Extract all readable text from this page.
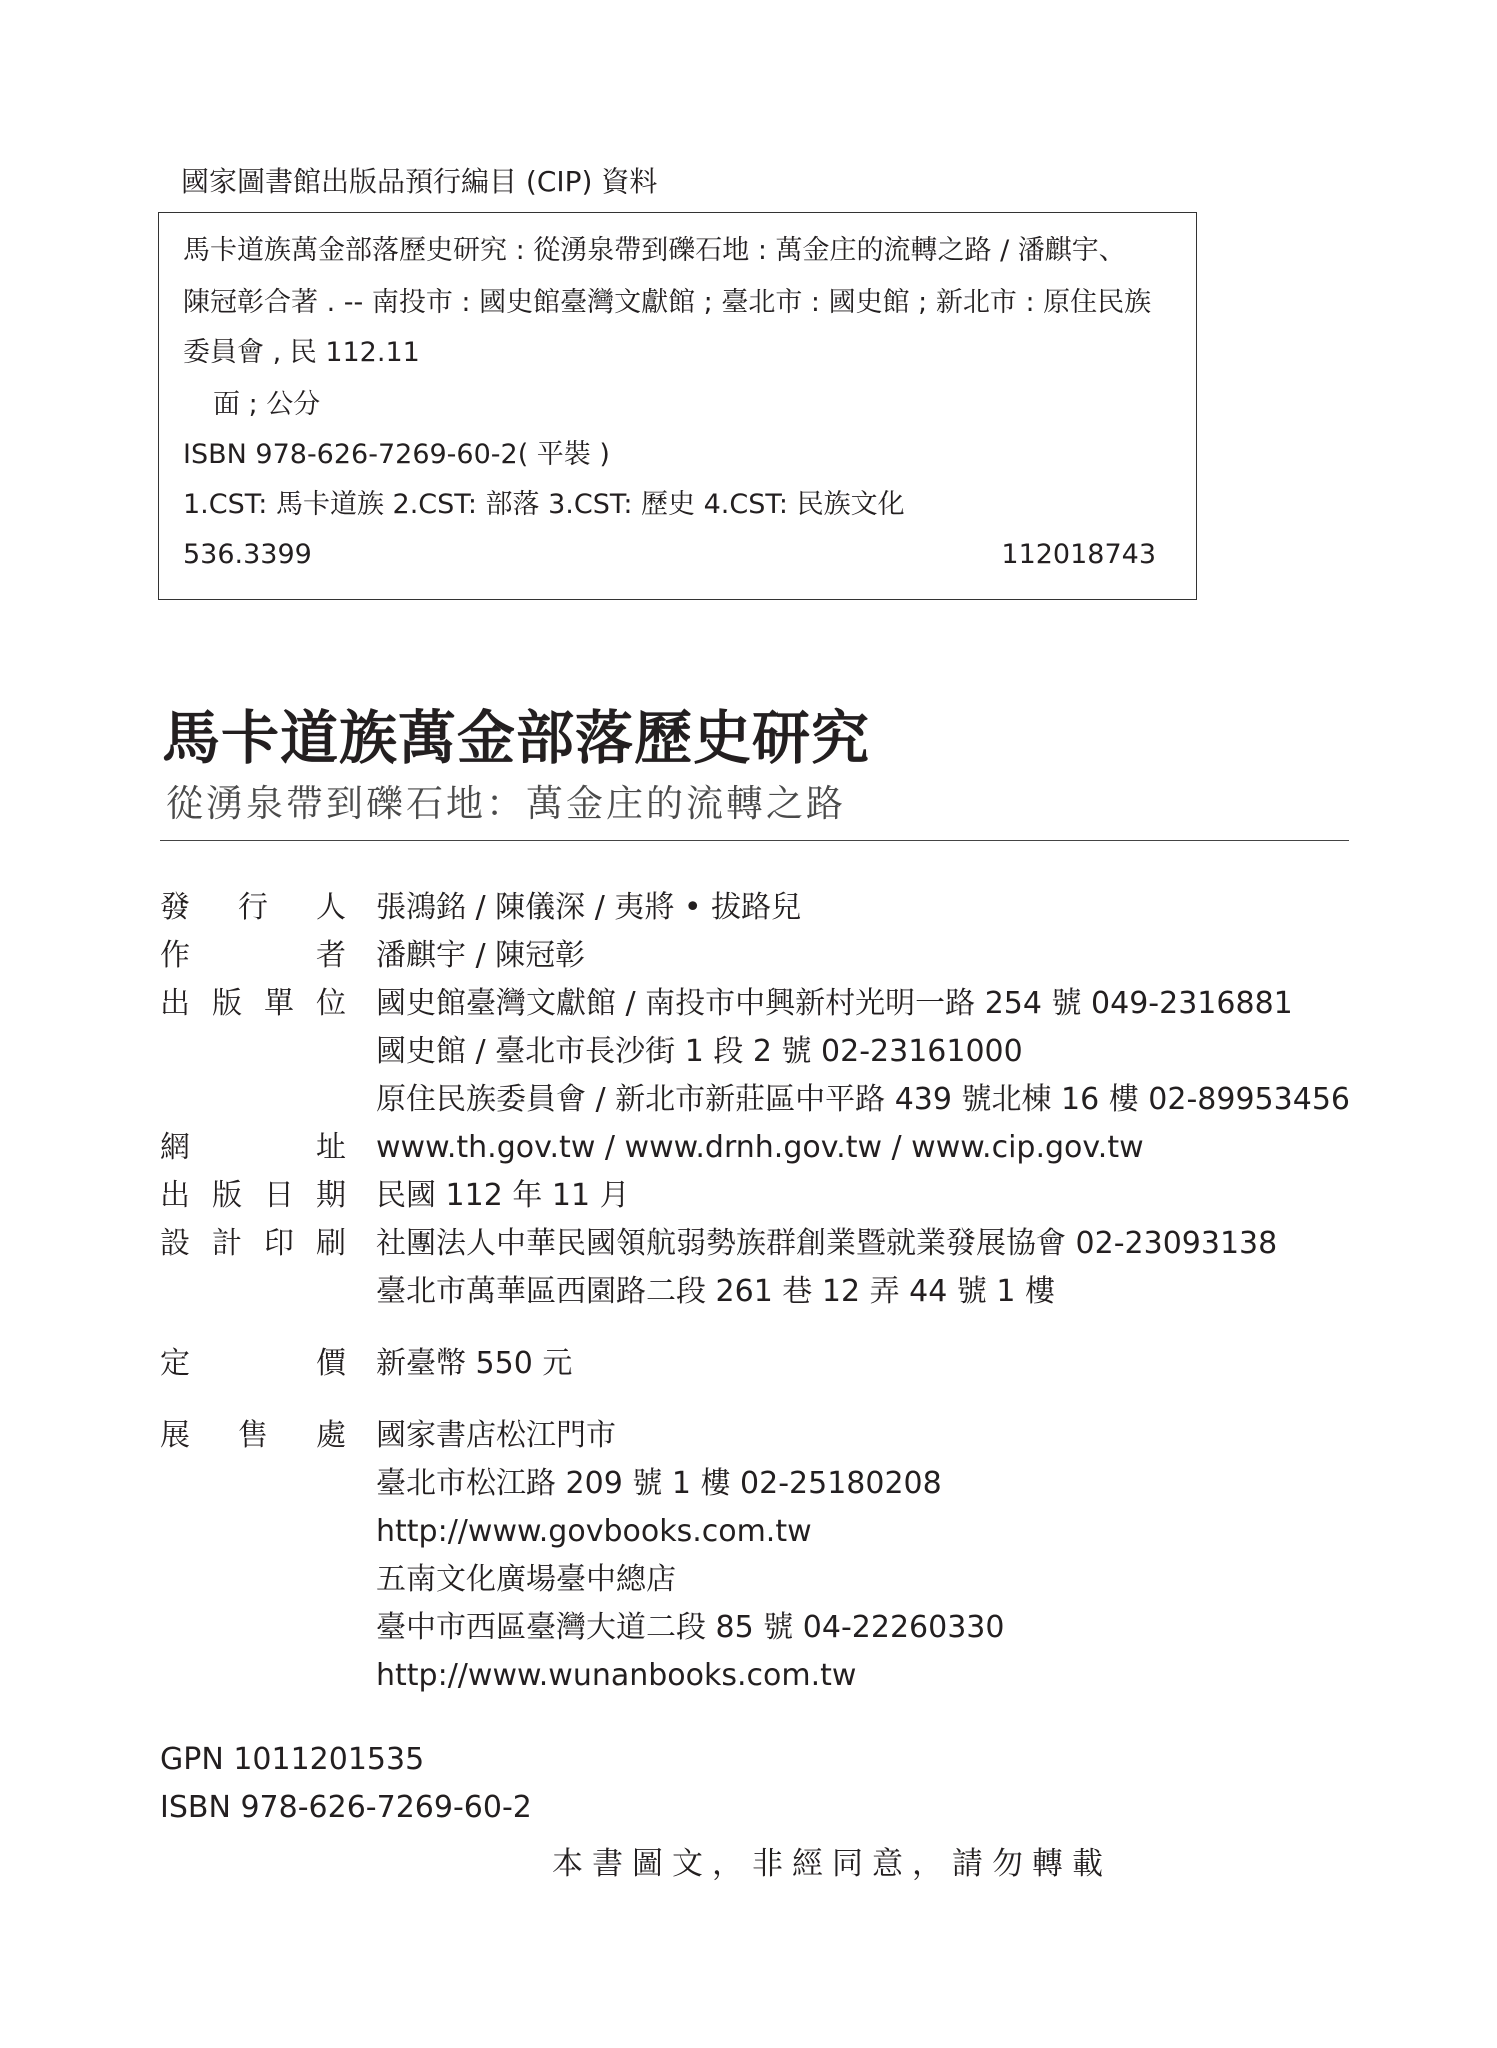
國家圖書館出版品預行編目 (CIP) 資料
馬卡道族萬金部落歷史研究 : 從湧泉帶到礫石地 : 萬金庄的流轉之路 / 潘麒宇、
陳冠彰合著 . -- 南投市 : 國史館臺灣文獻館 ; 臺北市 : 國史館 ; 新北市 : 原住民族
委員會 , 民 112.11
面 ; 公分
ISBN 978-626-7269-60-2( 平裝 )
1.CST: 馬卡道族 2.CST: 部落 3.CST: 歷史 4.CST: 民族文化
536.3399	112018743
馬卡道族萬金部落歷史研究
從湧泉帶到礫石地：萬金庄的流轉之路
發 行 人 張鴻銘 / 陳儀深 / 夷將 • 拔路兒
作	者 潘麒宇 / 陳冠彰
出 版 單 位 國史館臺灣文獻館 / 南投市中興新村光明一路 254 號 049-2316881
國史館 / 臺北市長沙街 1 段 2 號 02-23161000
原住民族委員會 / 新北市新莊區中平路 439 號北棟 16 樓 02-89953456
網	址 www.th.gov.tw / www.drnh.gov.tw / www.cip.gov.tw
出 版 日 期 民國 112 年 11 月
設 計 印 刷 社團法人中華民國領航弱勢族群創業暨就業發展協會 02-23093138
臺北市萬華區西園路二段 261 巷 12 弄 44 號 1 樓
定	價 新臺幣 550 元
展 售 處 國家書店松江門市
臺北市松江路 209 號 1 樓 02-25180208
http://www.govbooks.com.tw
五南文化廣場臺中總店
臺中市西區臺灣大道二段 85 號 04-22260330
http://www.wunanbooks.com.tw
GPN 1011201535
ISBN 978-626-7269-60-2
本書圖文，非經同意，請勿轉載
